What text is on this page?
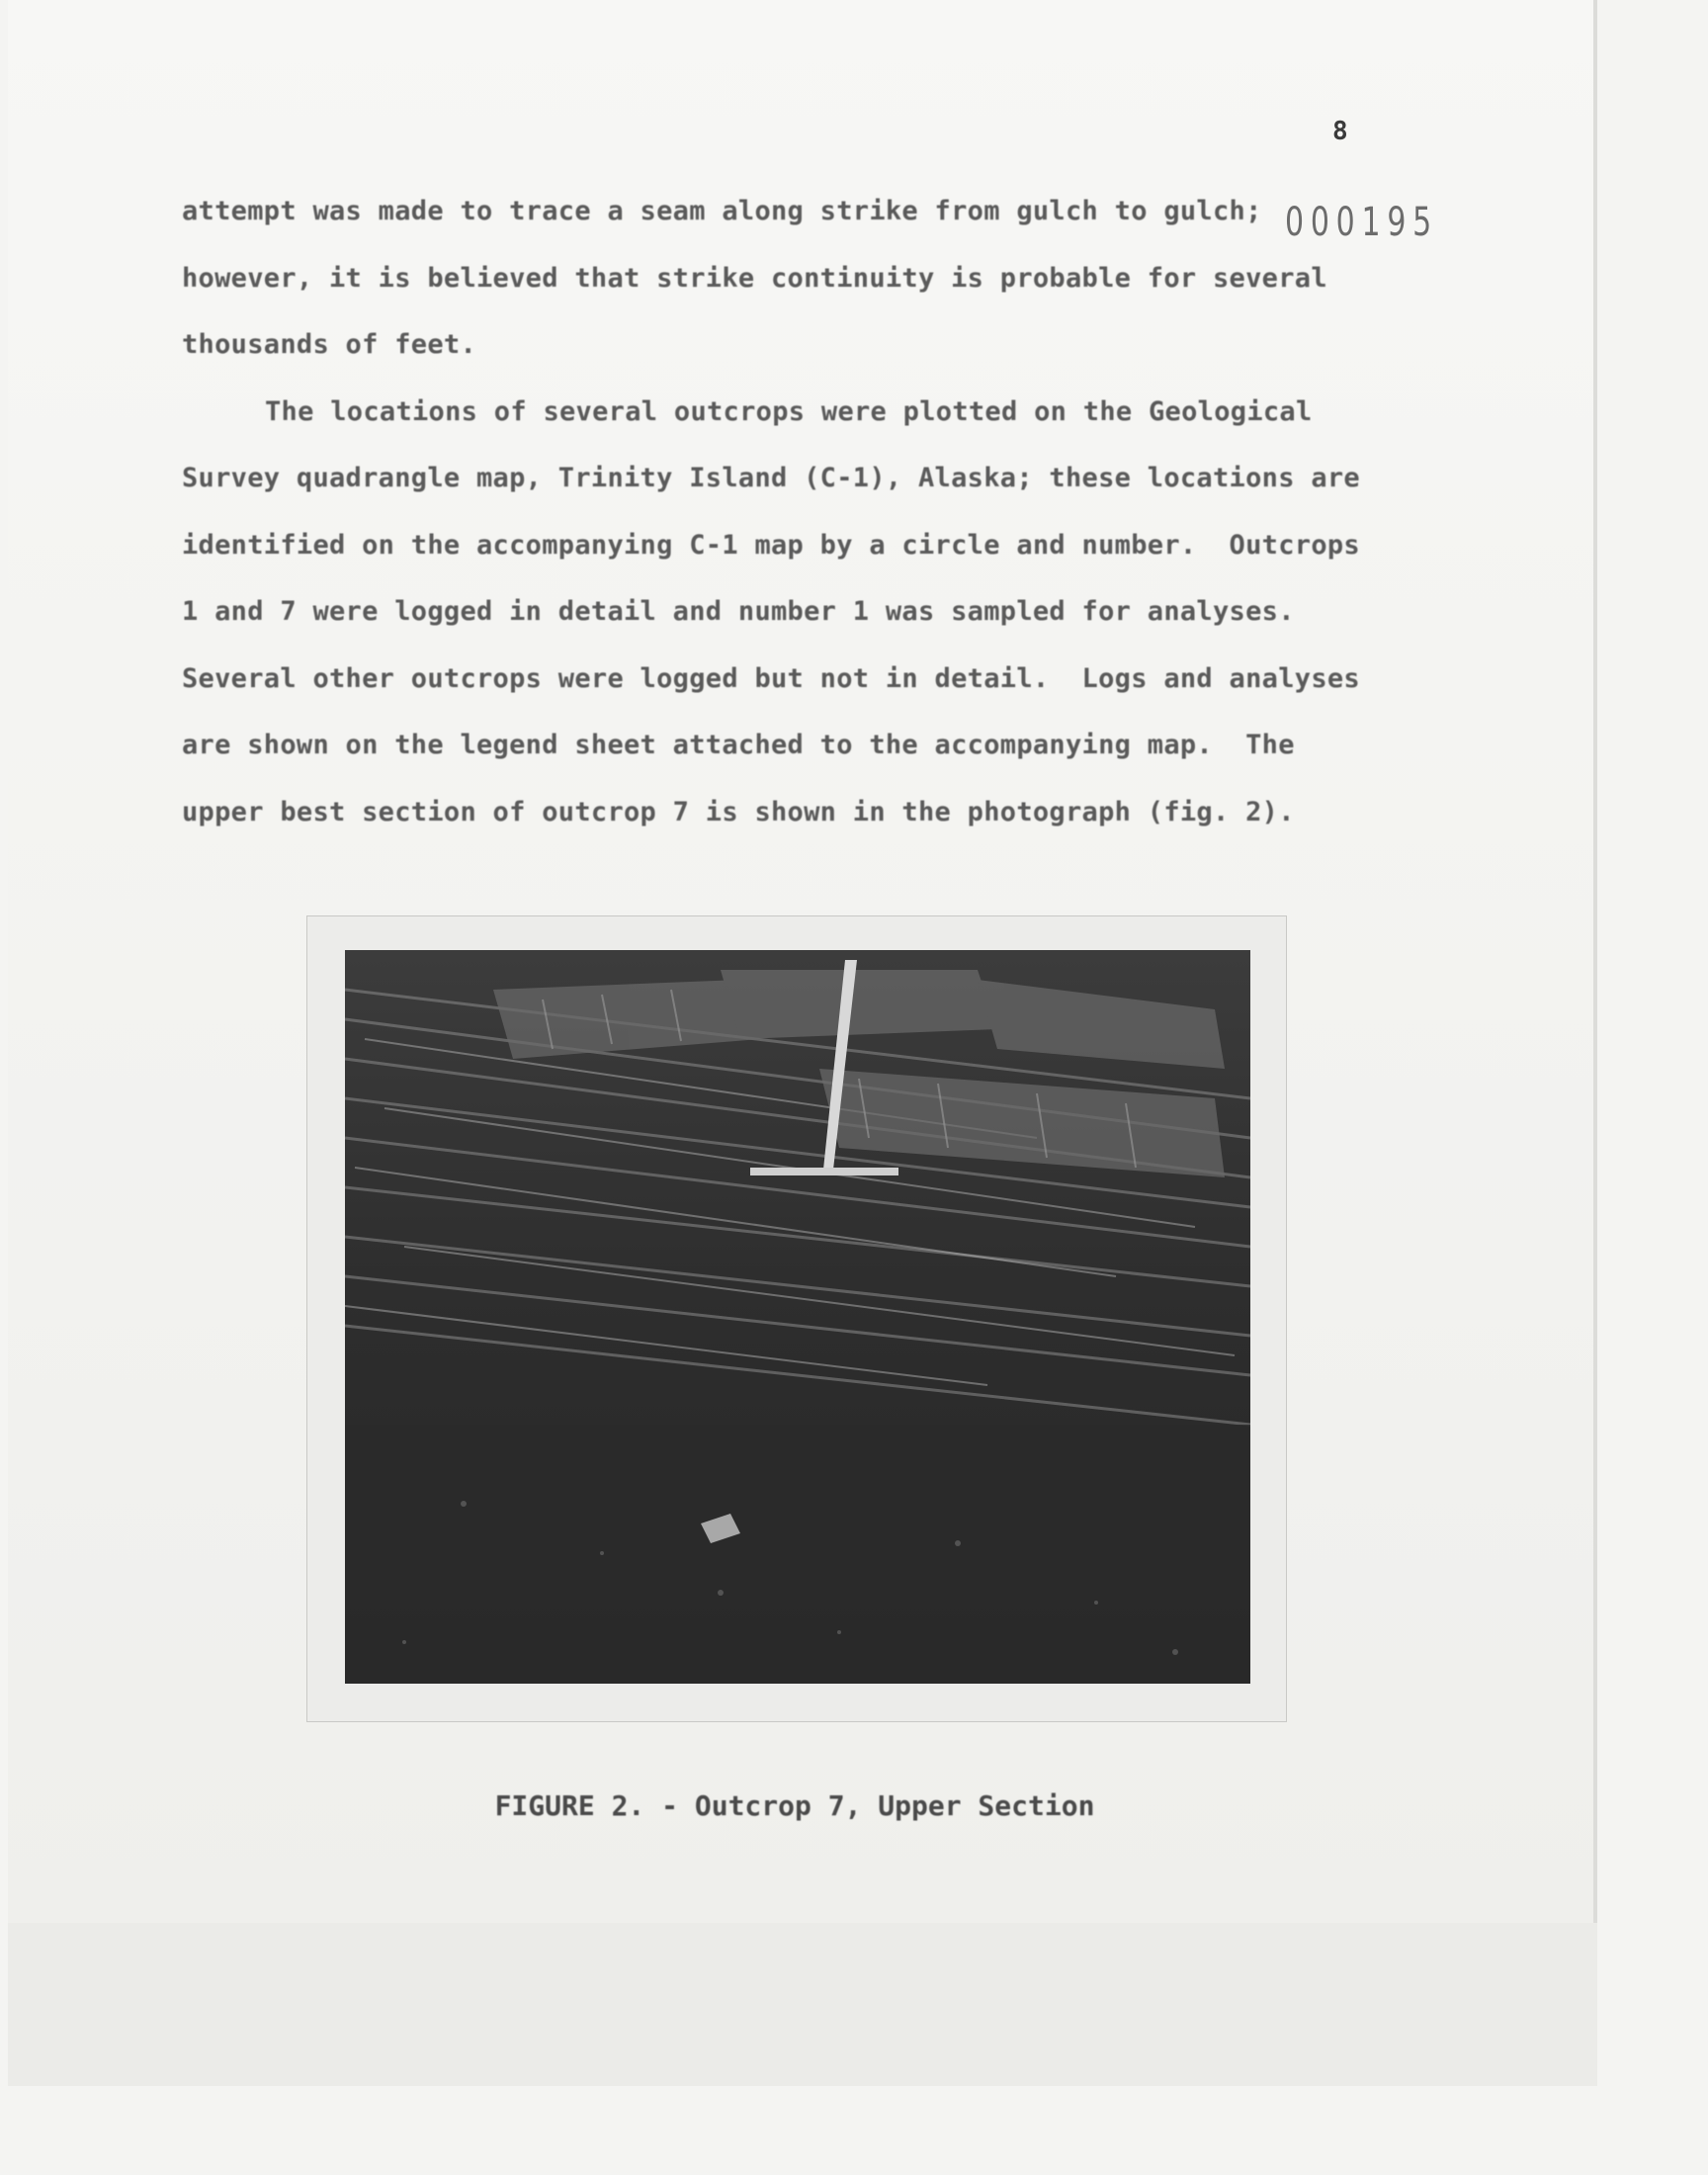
8
000195
attempt was made to trace a seam along strike from gulch to gulch;
however, it is believed that strike continuity is probable for several
thousands of feet.
The locations of several outcrops were plotted on the Geological
Survey quadrangle map, Trinity Island (C-1), Alaska; these locations are
identified on the accompanying C-1 map by a circle and number.  Outcrops
1 and 7 were logged in detail and number 1 was sampled for analyses.
Several other outcrops were logged but not in detail.  Logs and analyses
are shown on the legend sheet attached to the accompanying map.  The
upper best section of outcrop 7 is shown in the photograph (fig. 2).
FIGURE 2. - Outcrop 7, Upper Section
